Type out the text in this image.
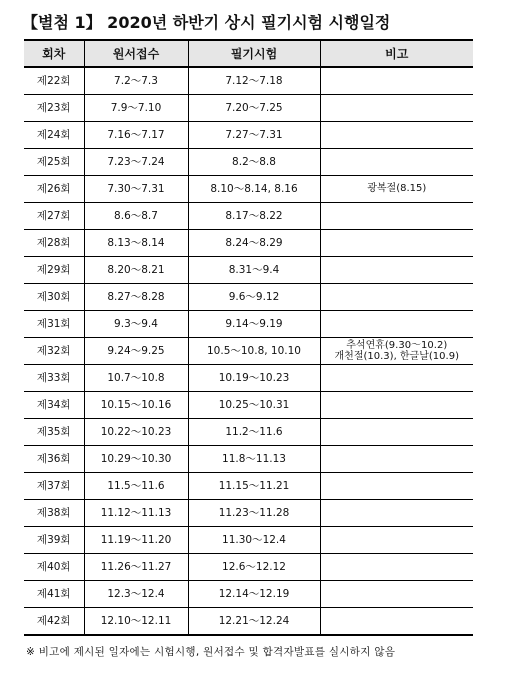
【별첨 1】 2020년 하반기 상시 필기시험 시행일정
회차	원서접수	필기시험	비고
제22회	7.2～7.3	7.12～7.18	
제23회	7.9～7.10	7.20～7.25	
제24회	7.16～7.17	7.27～7.31	
제25회	7.23～7.24	8.2～8.8	
제26회	7.30～7.31	8.10～8.14, 8.16	광복절(8.15)
제27회	8.6～8.7	8.17～8.22	
제28회	8.13～8.14	8.24～8.29	
제29회	8.20～8.21	8.31～9.4	
제30회	8.27～8.28	9.6～9.12	
제31회	9.3～9.4	9.14～9.19	
제32회	9.24～9.25	10.5～10.8, 10.10	추석연휴(9.30～10.2)
개천절(10.3), 한글날(10.9)

제33회	10.7～10.8	10.19～10.23	
제34회	10.15～10.16	10.25～10.31	
제35회	10.22～10.23	11.2～11.6	
제36회	10.29～10.30	11.8～11.13	
제37회	11.5～11.6	11.15～11.21	
제38회	11.12～11.13	11.23～11.28	
제39회	11.19～11.20	11.30～12.4	
제40회	11.26～11.27	12.6～12.12	
제41회	12.3～12.4	12.14～12.19	
제42회	12.10～12.11	12.21～12.24	
※ 비고에 제시된 일자에는 시험시행, 원서접수 및 합격자발표를 실시하지 않음
